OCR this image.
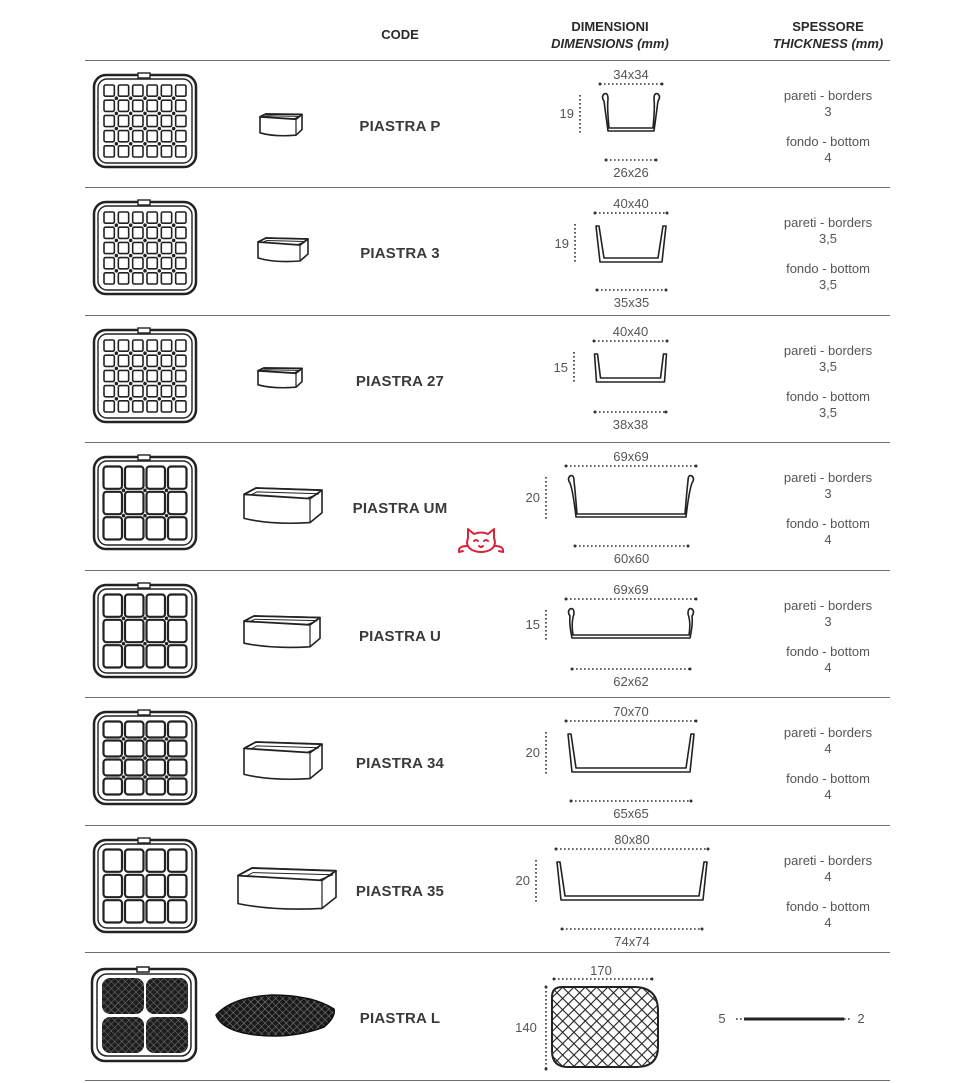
CODE
DIMENSIONI
DIMENSIONS (mm)
SPESSORE
THICKNESS (mm)
PIASTRA P
34x34
26x26
19
pareti - borders
3
fondo - bottom
4
PIASTRA 3
40x40
35x35
19
pareti - borders
3,5
fondo - bottom
3,5
PIASTRA 27
40x40
38x38
15
pareti - borders
3,5
fondo - bottom
3,5
PIASTRA UM
69x69
60x60
20
pareti - borders
3
fondo - bottom
4
PIASTRA U
69x69
62x62
15
pareti - borders
3
fondo - bottom
4
PIASTRA 34
70x70
65x65
20
pareti - borders
4
fondo - bottom
4
PIASTRA 35
80x80
74x74
20
pareti - borders
4
fondo - bottom
4
PIASTRA L
170
140
5	2
